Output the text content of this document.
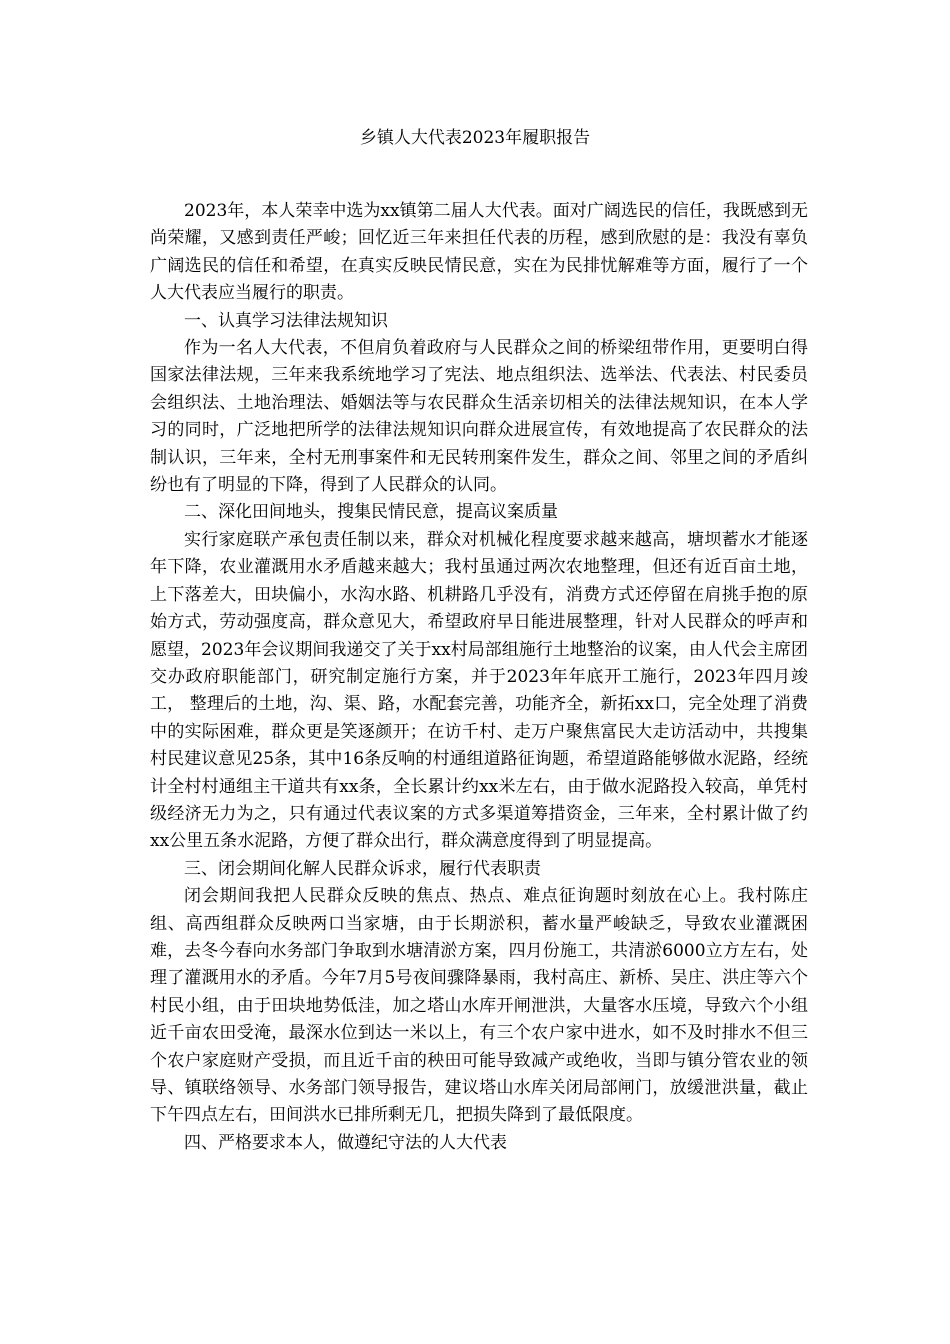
乡镇人大代表2023年履职报告

2023年，本人荣幸中选为xx镇第二届人大代表。面对广阔选民的信任，我既感到无尚荣耀，又感到责任严峻；回忆近三年来担任代表的历程，感到欣慰的是：我没有辜负广阔选民的信任和希望，在真实反映民情民意，实在为民排忧解难等方面，履行了一个人大代表应当履行的职责。

一、认真学习法律法规知识

作为一名人大代表，不但肩负着政府与人民群众之间的桥梁纽带作用，更要明白得国家法律法规，三年来我系统地学习了宪法、地点组织法、选举法、代表法、村民委员会组织法、土地治理法、婚姻法等与农民群众生活亲切相关的法律法规知识，在本人学习的同时，广泛地把所学的法律法规知识向群众进展宣传，有效地提高了农民群众的法制认识，三年来，全村无刑事案件和无民转刑案件发生，群众之间、邻里之间的矛盾纠纷也有了明显的下降，得到了人民群众的认同。

二、深化田间地头，搜集民情民意，提高议案质量

实行家庭联产承包责任制以来，群众对机械化程度要求越来越高，塘坝蓄水才能逐年下降，农业灌溉用水矛盾越来越大；我村虽通过两次农地整理，但还有近百亩土地，上下落差大，田块偏小，水沟水路、机耕路几乎没有，消费方式还停留在肩挑手抱的原始方式，劳动强度高，群众意见大，希望政府早日能进展整理，针对人民群众的呼声和愿望，2023年会议期间我递交了关于xx村局部组施行土地整治的议案，由人代会主席团交办政府职能部门，研究制定施行方案，并于2023年年底开工施行，2023年四月竣工， 整理后的土地，沟、渠、路，水配套完善，功能齐全，新拓xx口，完全处理了消费中的实际困难，群众更是笑逐颜开；在访千村、走万户聚焦富民大走访活动中，共搜集村民建议意见25条，其中16条反响的村通组道路征询题，希望道路能够做水泥路，经统计全村村通组主干道共有xx条，全长累计约xx米左右，由于做水泥路投入较高，单凭村级经济无力为之，只有通过代表议案的方式多渠道筹措资金，三年来，全村累计做了约xx公里五条水泥路，方便了群众出行，群众满意度得到了明显提高。

三、闭会期间化解人民群众诉求，履行代表职责

闭会期间我把人民群众反映的焦点、热点、难点征询题时刻放在心上。我村陈庄组、高西组群众反映两口当家塘，由于长期淤积，蓄水量严峻缺乏，导致农业灌溉困难，去冬今春向水务部门争取到水塘清淤方案，四月份施工，共清淤6000立方左右，处理了灌溉用水的矛盾。今年7月5号夜间骤降暴雨，我村高庄、新桥、吴庄、洪庄等六个村民小组，由于田块地势低洼，加之塔山水库开闸泄洪，大量客水压境，导致六个小组近千亩农田受淹，最深水位到达一米以上，有三个农户家中进水，如不及时排水不但三个农户家庭财产受损，而且近千亩的秧田可能导致减产或绝收，当即与镇分管农业的领导、镇联络领导、水务部门领导报告，建议塔山水库关闭局部闸门，放缓泄洪量，截止下午四点左右，田间洪水已排所剩无几，把损失降到了最低限度。

四、严格要求本人，做遵纪守法的人大代表
